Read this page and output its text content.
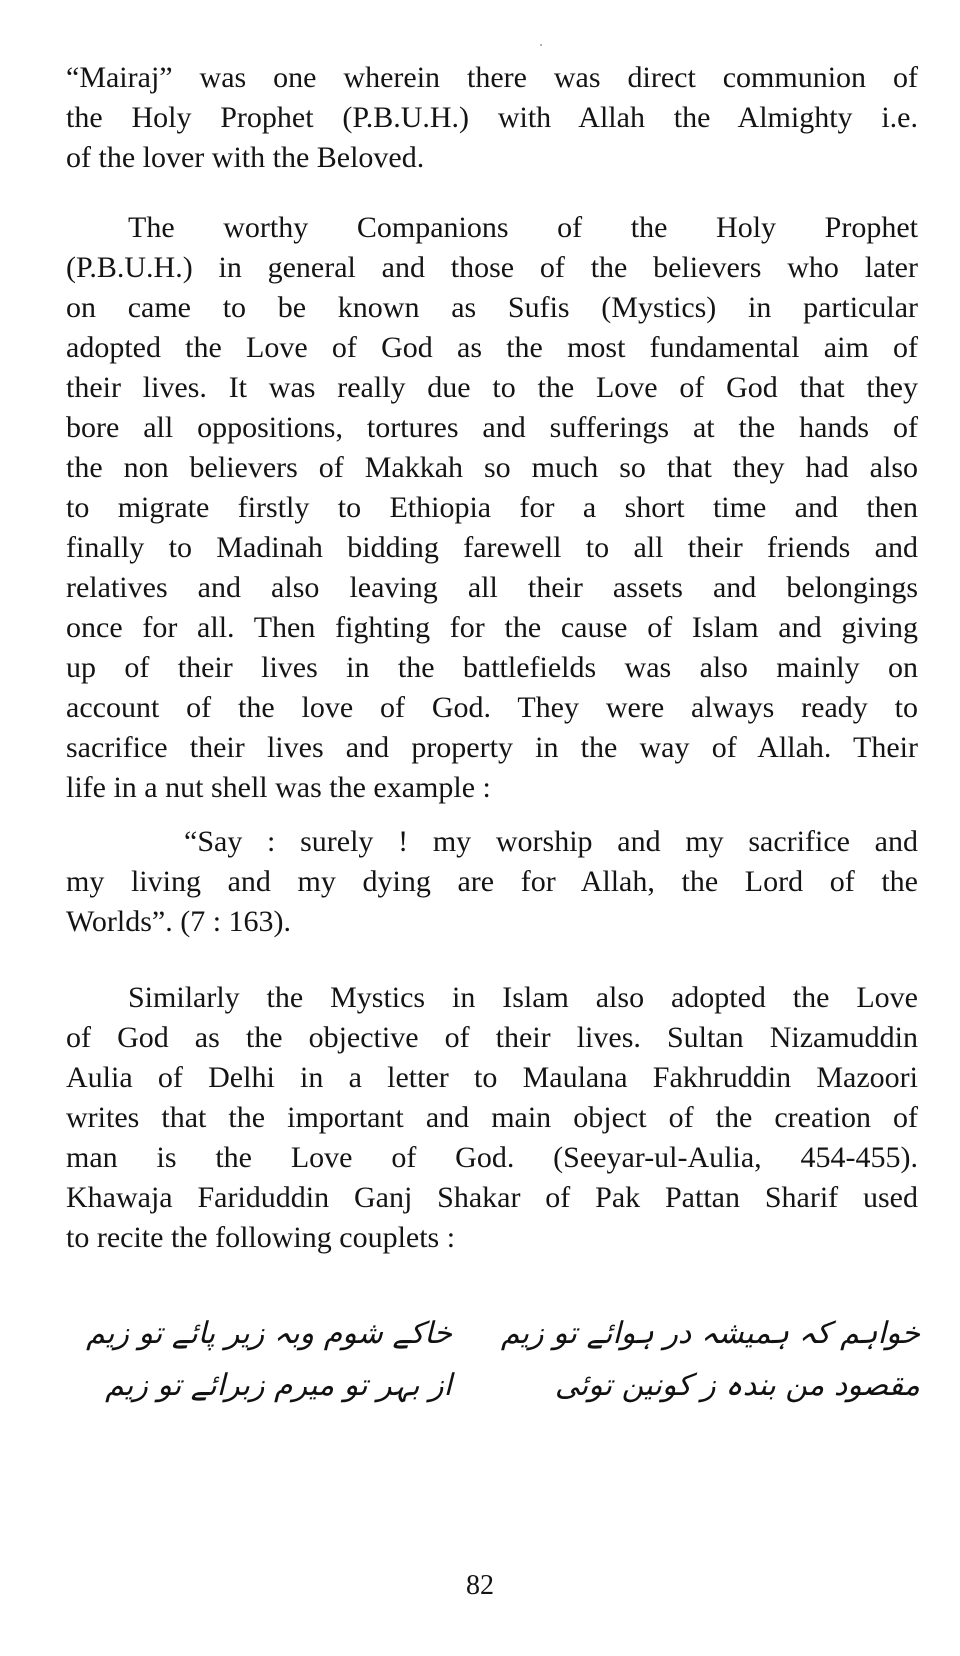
“Mairaj” was one wherein there was direct communion of
the Holy Prophet (P.B.U.H.) with Allah the Almighty i.e.
of the lover with the Beloved.

The worthy Companions of the Holy Prophet
(P.B.U.H.) in general and those of the believers who later
on came to be known as Sufis (Mystics) in particular
adopted the Love of God as the most fundamental aim of
their lives. It was really due to the Love of God that they
bore all oppositions, tortures and sufferings at the hands of
the non believers of Makkah so much so that they had also
to migrate firstly to Ethiopia for a short time and then
finally to Madinah bidding farewell to all their friends and
relatives and also leaving all their assets and belongings
once for all. Then fighting for the cause of Islam and giving
up of their lives in the battlefields was also mainly on
account of the love of God. They were always ready to
sacrifice their lives and property in the way of Allah. Their
life in a nut shell was the example :

“Say : surely ! my worship and my sacrifice and
my living and my dying are for Allah, the Lord of the
Worlds”. (7 : 163).

Similarly the Mystics in Islam also adopted the Love
of God as the objective of their lives. Sultan Nizamuddin
Aulia of Delhi in a letter to Maulana Fakhruddin Mazoori
writes that the important and main object of the creation of
man is the Love of God. (Seeyar-ul-Aulia, 454-455).
Khawaja Fariduddin Ganj Shakar of Pak Pattan Sharif used
to recite the following couplets :

خواہم کہ ہمیشہ در ہوائے تو زیم
مقصود من بندہ ز کونین توئی
خاکے شوم وبہ زیر پائے تو زیم
از بہر تو میرم زبرائے تو زیم
82
